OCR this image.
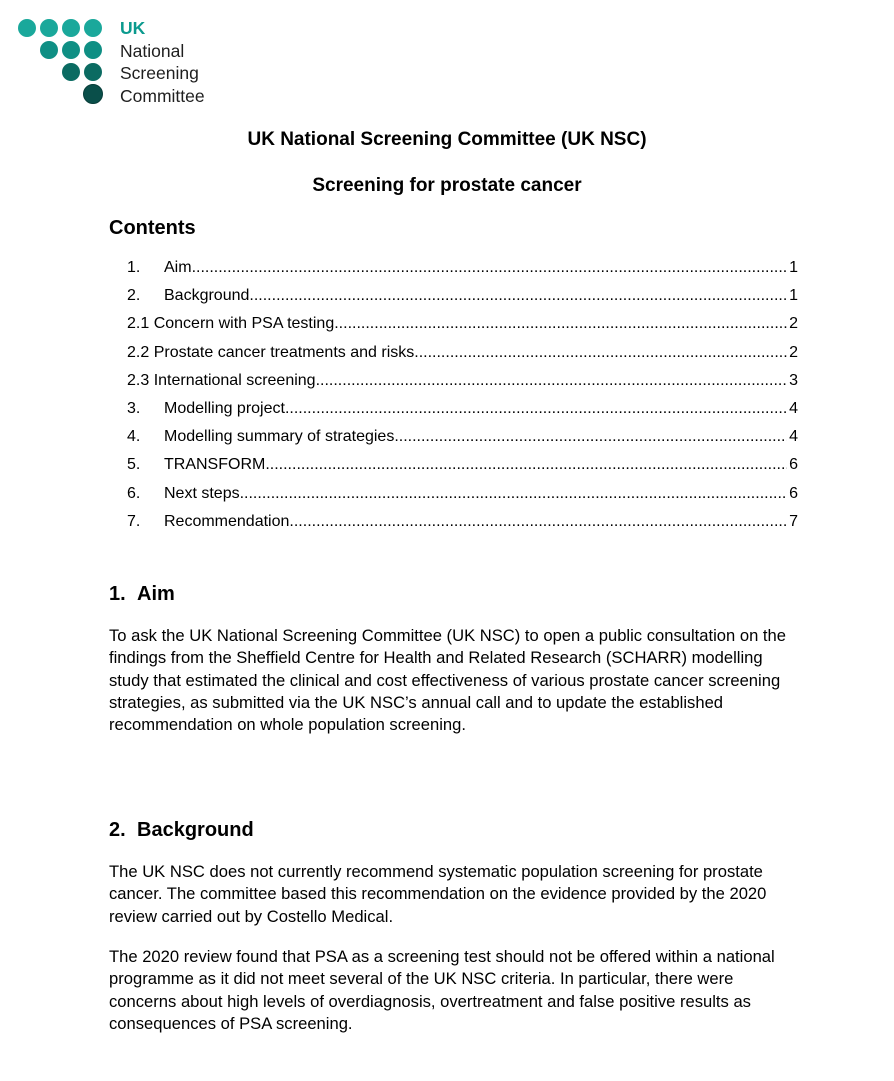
UK
National
Screening
Committee
UK National Screening Committee (UK NSC)
Screening for prostate cancer
Contents
1.	Aim .....	1
2.	Background .....	1
2.1 Concern with PSA testing .....	2
2.2 Prostate cancer treatments and risks .....	2
2.3 International screening .....	3
3.	Modelling project .....	4
4.	Modelling summary of strategies .....	4
5.	TRANSFORM .....	6
6.	Next steps .....	6
7.	Recommendation .....	7
1. Aim

To ask the UK National Screening Committee (UK NSC) to open a public consultation on the findings from the Sheffield Centre for Health and Related Research (SCHARR) modelling study that estimated the clinical and cost effectiveness of various prostate cancer screening strategies, as submitted via the UK NSC’s annual call and to update the established recommendation on whole population screening.

2. Background

The UK NSC does not currently recommend systematic population screening for prostate cancer. The committee based this recommendation on the evidence provided by the 2020 review carried out by Costello Medical.

The 2020 review found that PSA as a screening test should not be offered within a national programme as it did not meet several of the UK NSC criteria. In particular, there were concerns about high levels of overdiagnosis, overtreatment and false positive results as consequences of PSA screening.
